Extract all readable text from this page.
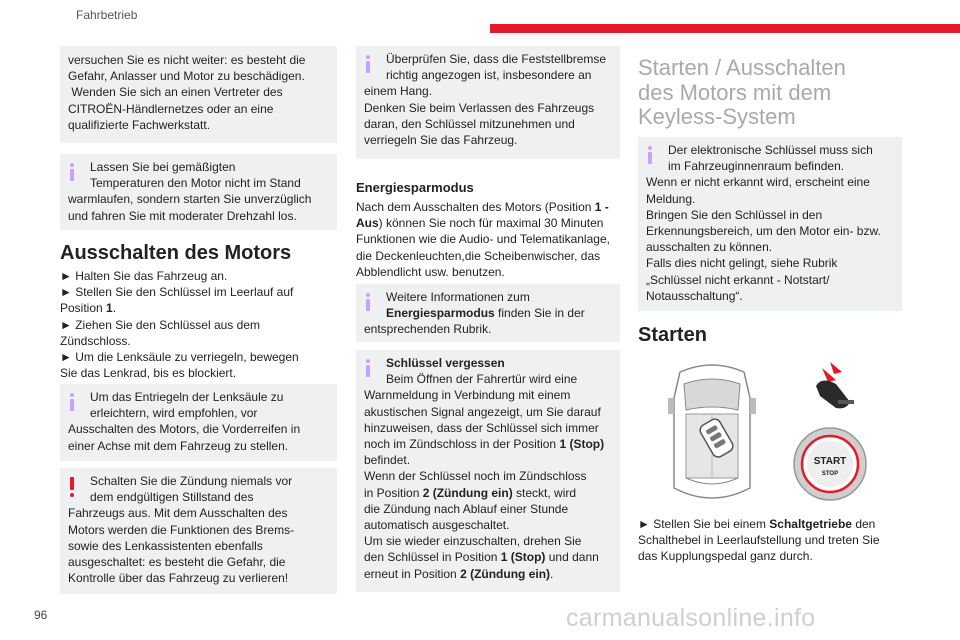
Fahrbetrieb

versuchen Sie es nicht weiter: es besteht die

Gefahr, Anlasser und Motor zu beschädigen.

Wenden Sie sich an einen Vertreter des

CITROËN-Händlernetzes oder an eine

qualifizierte Fachwerkstatt.

Lassen Sie bei gemäßigten

Temperaturen den Motor nicht im Stand

warmlaufen, sondern starten Sie unverzüglich

und fahren Sie mit moderater Drehzahl los.

Ausschalten des Motors

► Halten Sie das Fahrzeug an.

► Stellen Sie den Schlüssel im Leerlauf auf

Position 1.

► Ziehen Sie den Schlüssel aus dem

Zündschloss.

► Um die Lenksäule zu verriegeln, bewegen

Sie das Lenkrad, bis es blockiert.

Um das Entriegeln der Lenksäule zu

erleichtern, wird empfohlen, vor

Ausschalten des Motors, die Vorderreifen in

einer Achse mit dem Fahrzeug zu stellen.

Schalten Sie die Zündung niemals vor

dem endgültigen Stillstand des

Fahrzeugs aus. Mit dem Ausschalten des

Motors werden die Funktionen des Brems-

sowie des Lenkassistenten ebenfalls

ausgeschaltet: es besteht die Gefahr, die

Kontrolle über das Fahrzeug zu verlieren!

Überprüfen Sie, dass die Feststellbremse

richtig angezogen ist, insbesondere an

einem Hang.

Denken Sie beim Verlassen des Fahrzeugs

daran, den Schlüssel mitzunehmen und

verriegeln Sie das Fahrzeug.

Energiesparmodus

Nach dem Ausschalten des Motors (Position 1 -

Aus) können Sie noch für maximal 30 Minuten

Funktionen wie die Audio- und Telematikanlage,

die Deckenleuchten,die Scheibenwischer, das

Abblendlicht usw. benutzen.

Weitere Informationen zum

Energiesparmodus finden Sie in der

entsprechenden Rubrik.

Schlüssel vergessen

Beim Öffnen der Fahrertür wird eine

Warnmeldung in Verbindung mit einem

akustischen Signal angezeigt, um Sie darauf

hinzuweisen, dass der Schlüssel sich immer

noch im Zündschloss in der Position 1 (Stop)

befindet.

Wenn der Schlüssel noch im Zündschloss

in Position 2 (Zündung ein) steckt, wird

die Zündung nach Ablauf einer Stunde

automatisch ausgeschaltet.

Um sie wieder einzuschalten, drehen Sie

den Schlüssel in Position 1 (Stop) und dann

erneut in Position 2 (Zündung ein).

Starten / Ausschalten
des Motors mit dem
Keyless-System

Der elektronische Schlüssel muss sich

im Fahrzeuginnenraum befinden.

Wenn er nicht erkannt wird, erscheint eine

Meldung.

Bringen Sie den Schlüssel in den

Erkennungsbereich, um den Motor ein- bzw.

ausschalten zu können.

Falls dies nicht gelingt, siehe Rubrik

„Schlüssel nicht erkannt - Notstart/

Notausschaltung“.

Starten
START
STOP

► Stellen Sie bei einem Schaltgetriebe den

Schalthebel in Leerlaufstellung und treten Sie

das Kupplungspedal ganz durch.

96	carmanualsonline.info
